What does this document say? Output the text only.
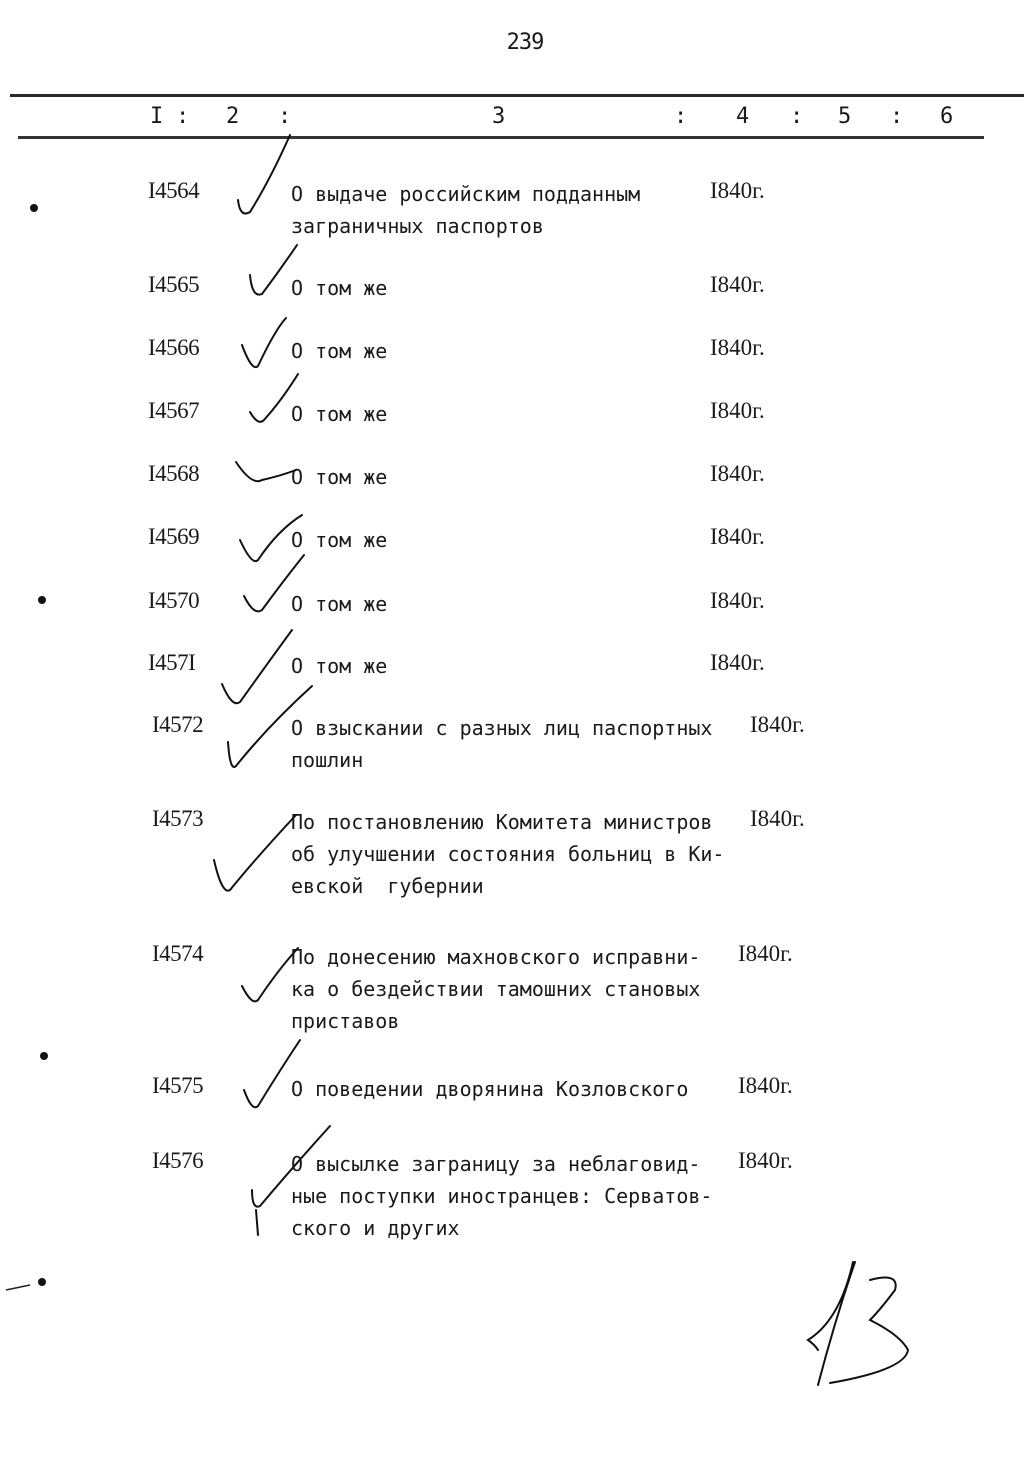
239
I : 2 :	3	: 4 : 5 : 6
I4564	О выдаче российским подданным
заграничных паспортов
I840г.
I4565	О том же	I840г.
I4566	О том же	I840г.
I4567	О том же	I840г.
I4568	О том же	I840г.
I4569	О том же	I840г.
I4570	О том же	I840г.
I457I	О том же	I840г.
I4572	О взыскании с разных лиц паспортных
пошлин
I840г.
I4573	По постановлению Комитета министров
об улучшении состояния больниц в Ки-
евской  губернии
I840г.
I4574	По донесению махновского исправни-
ка о бездействии тамошних становых
приставов
I840г.
I4575	О поведении дворянина Козловского I840г.
I4576	О высылке заграницу за неблаговид-
ные поступки иностранцев: Серватов-
ского и других
I840г.
